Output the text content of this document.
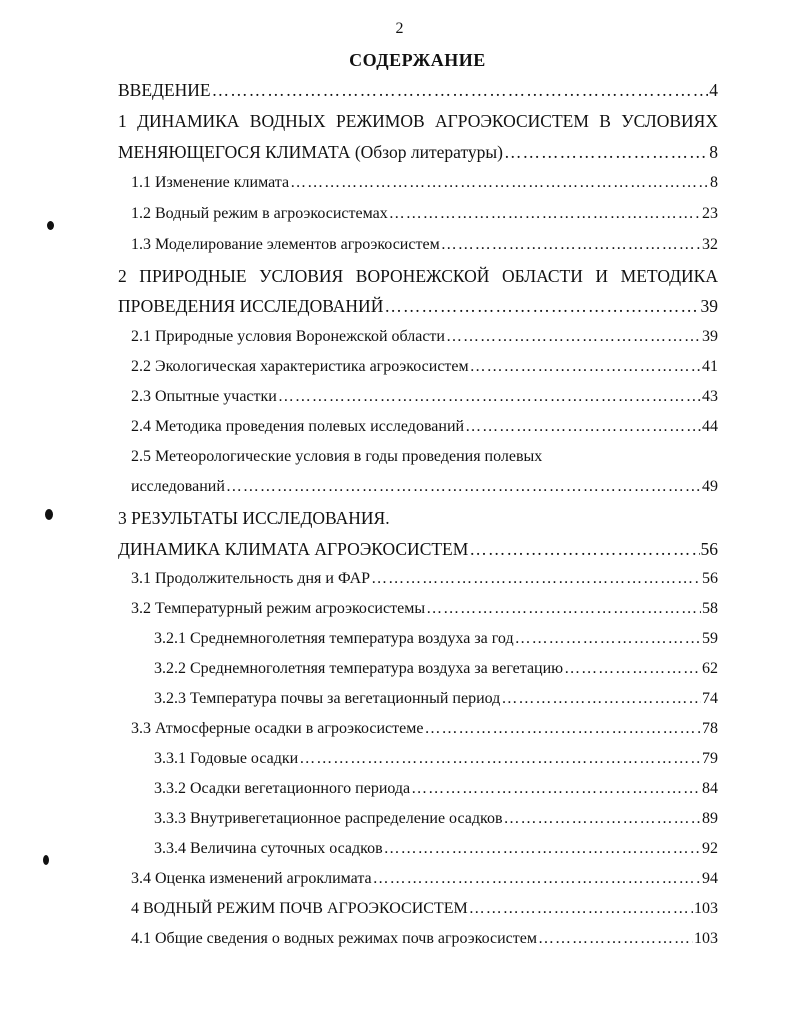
2
СОДЕРЖАНИЕ
ВВЕДЕНИЕ ……………………………………………………………………………………………………………………………………………………………	4
1 ДИНАМИКА ВОДНЫХ РЕЖИМОВ АГРОЭКОСИСТЕМ В УСЛОВИЯХ
МЕНЯЮЩЕГОСЯ КЛИМАТА (Обзор литературы) ……………………………………………………………………………………………………………………………………………………………	8
1.1 Изменение климата ……………………………………………………………………………………………………………………………………………………………	8
1.2 Водный режим в агроэкосистемах ……………………………………………………………………………………………………………………………………………………………	23
1.3 Моделирование элементов агроэкосистем ……………………………………………………………………………………………………………………………………………………………	32
2 ПРИРОДНЫЕ УСЛОВИЯ ВОРОНЕЖСКОЙ ОБЛАСТИ И МЕТОДИКА
ПРОВЕДЕНИЯ ИССЛЕДОВАНИЙ ……………………………………………………………………………………………………………………………………………………………	39
2.1 Природные условия Воронежской области ……………………………………………………………………………………………………………………………………………………………	39
2.2 Экологическая характеристика агроэкосистем ……………………………………………………………………………………………………………………………………………………………	41
2.3 Опытные участки ……………………………………………………………………………………………………………………………………………………………	43
2.4 Методика проведения полевых исследований ……………………………………………………………………………………………………………………………………………………………	44
2.5 Метеорологические условия в годы проведения полевых
исследований ……………………………………………………………………………………………………………………………………………………………	49
3 РЕЗУЛЬТАТЫ ИССЛЕДОВАНИЯ.
ДИНАМИКА КЛИМАТА АГРОЭКОСИСТЕМ ……………………………………………………………………………………………………………………………………………………………	56
3.1 Продолжительность дня и ФАР ……………………………………………………………………………………………………………………………………………………………	56
3.2 Температурный режим агроэкосистемы ……………………………………………………………………………………………………………………………………………………………	58
3.2.1 Среднемноголетняя температура воздуха за год ……………………………………………………………………………………………………………………………………………………………	59
3.2.2 Среднемноголетняя температура воздуха за вегетацию ……………………………………………………………………………………………………………………………………………………………	62
3.2.3 Температура почвы за вегетационный период ……………………………………………………………………………………………………………………………………………………………	74
3.3 Атмосферные осадки в агроэкосистеме ……………………………………………………………………………………………………………………………………………………………	78
3.3.1 Годовые осадки ……………………………………………………………………………………………………………………………………………………………	79
3.3.2 Осадки вегетационного периода ……………………………………………………………………………………………………………………………………………………………	84
3.3.3 Внутривегетационное распределение осадков ……………………………………………………………………………………………………………………………………………………………	89
3.3.4 Величина суточных осадков ……………………………………………………………………………………………………………………………………………………………	92
3.4 Оценка изменений агроклимата ……………………………………………………………………………………………………………………………………………………………	94
4 ВОДНЫЙ РЕЖИМ ПОЧВ АГРОЭКОСИСТЕМ ……………………………………………………………………………………………………………………………………………………………	103
4.1 Общие сведения о водных режимах почв агроэкосистем ……………………………………………………………………………………………………………………………………………………………	103
